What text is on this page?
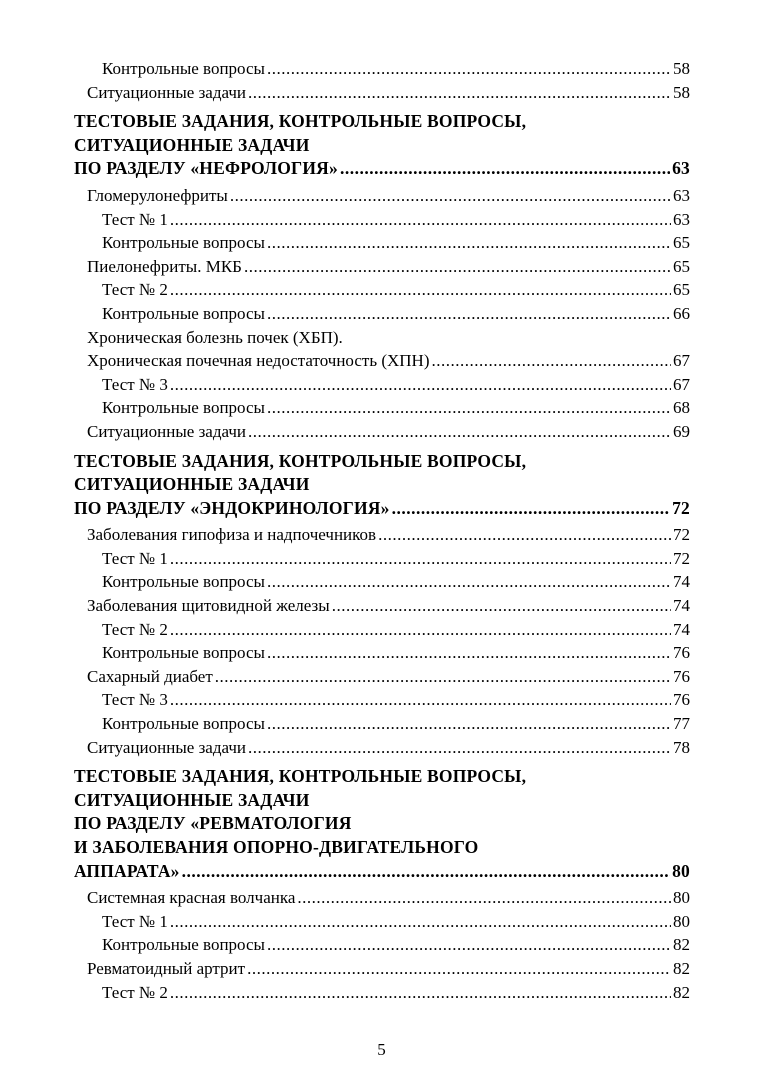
Контрольные вопросы .....	58
Ситуационные задачи .....	58
ТЕСТОВЫЕ ЗАДАНИЯ, КОНТРОЛЬНЫЕ ВОПРОСЫ,
СИТУАЦИОННЫЕ ЗАДАЧИ
ПО РАЗДЕЛУ «НЕФРОЛОГИЯ» .....	63
Гломерулонефриты .....	63
Тест № 1 .....	63
Контрольные вопросы .....	65
Пиелонефриты. МКБ .....	65
Тест № 2 .....	65
Контрольные вопросы .....	66
Хроническая болезнь почек (ХБП).
Хроническая почечная недостаточность (ХПН) .....	67
Тест № 3 .....	67
Контрольные вопросы .....	68
Ситуационные задачи .....	69
ТЕСТОВЫЕ ЗАДАНИЯ, КОНТРОЛЬНЫЕ ВОПРОСЫ,
СИТУАЦИОННЫЕ ЗАДАЧИ
ПО РАЗДЕЛУ «ЭНДОКРИНОЛОГИЯ» .....	72
Заболевания гипофиза и надпочечников .....	72
Тест № 1 .....	72
Контрольные вопросы .....	74
Заболевания щитовидной железы .....	74
Тест № 2 .....	74
Контрольные вопросы .....	76
Сахарный диабет .....	76
Тест № 3 .....	76
Контрольные вопросы .....	77
Ситуационные задачи .....	78
ТЕСТОВЫЕ ЗАДАНИЯ, КОНТРОЛЬНЫЕ ВОПРОСЫ,
СИТУАЦИОННЫЕ ЗАДАЧИ
ПО РАЗДЕЛУ «РЕВМАТОЛОГИЯ
И ЗАБОЛЕВАНИЯ ОПОРНО-ДВИГАТЕЛЬНОГО
АППАРАТА» .....	80
Системная красная волчанка .....	80
Тест № 1 .....	80
Контрольные вопросы .....	82
Ревматоидный артрит .....	82
Тест № 2 .....	82
5
